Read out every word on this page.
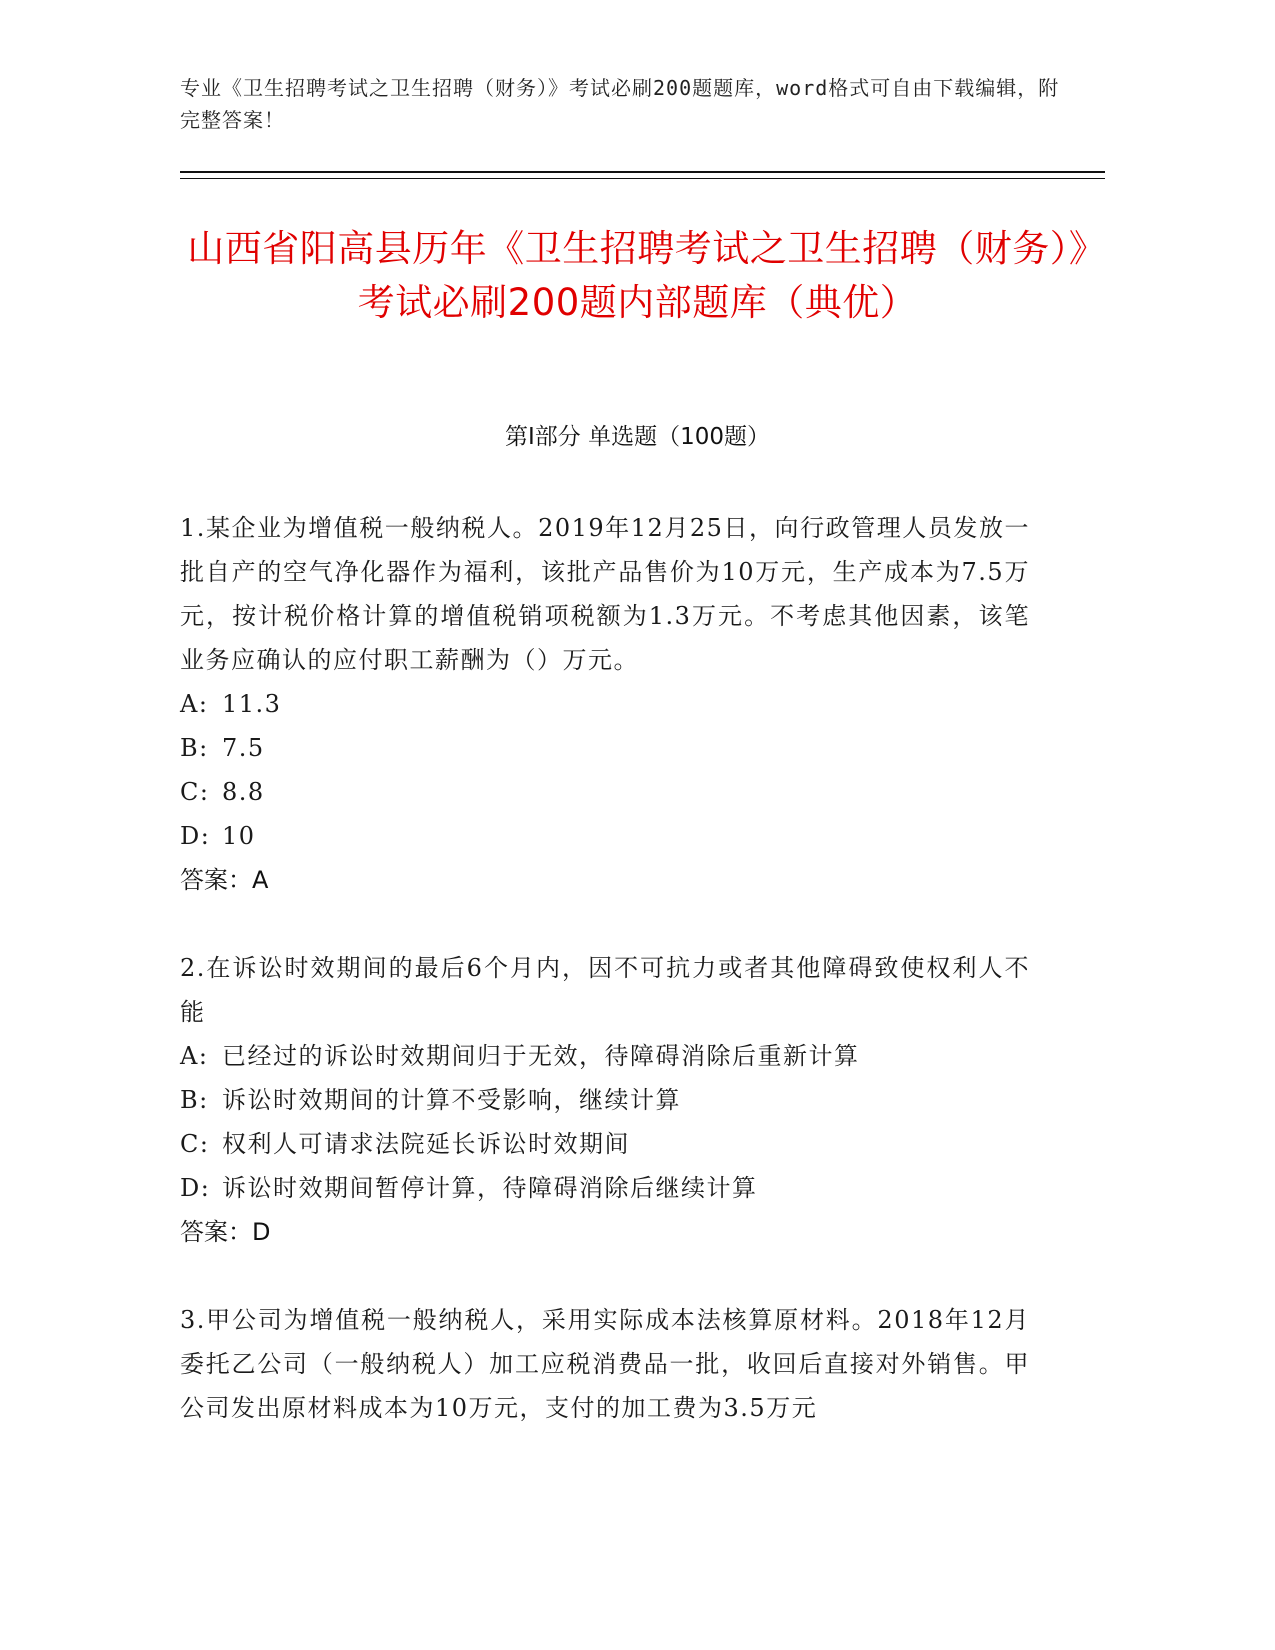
专业《卫生招聘考试之卫生招聘（财务）》考试必刷200题题库，word格式可自由下载编辑，附完整答案！
山西省阳高县历年《卫生招聘考试之卫生招聘（财务）》考试必刷200题内部题库（典优）
第I部分 单选题（100题）

1.某企业为增值税一般纳税人。2019年12月25日，向行政管理人员发放一批自产的空气净化器作为福利，该批产品售价为10万元，生产成本为7.5万元，按计税价格计算的增值税销项税额为1.3万元。不考虑其他因素，该笔业务应确认的应付职工薪酬为（）万元。

A: 11.3

B: 7.5

C: 8.8

D: 10

答案：A

2.在诉讼时效期间的最后6个月内，因不可抗力或者其他障碍致使权利人不能

A: 已经过的诉讼时效期间归于无效，待障碍消除后重新计算

B: 诉讼时效期间的计算不受影响，继续计算

C: 权利人可请求法院延长诉讼时效期间

D: 诉讼时效期间暂停计算，待障碍消除后继续计算

答案：D

3.甲公司为增值税一般纳税人，采用实际成本法核算原材料。2018年12月委托乙公司（一般纳税人）加工应税消费品一批，收回后直接对外销售。甲公司发出原材料成本为10万元，支付的加工费为3.5万元
